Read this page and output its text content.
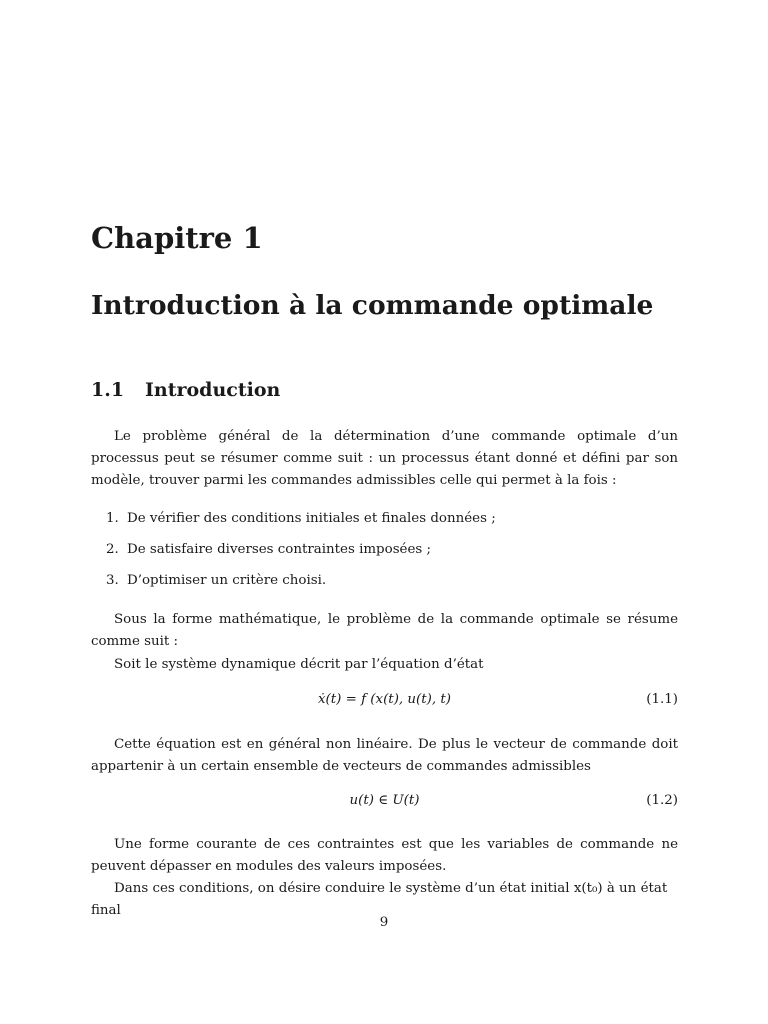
Chapitre 1
Introduction à la commande optimale
1.1 Introduction

Le problème général de la détermination d’une commande optimale d’un processus peut se résumer comme suit : un processus étant donné et défini par son modèle, trouver parmi les commandes admissibles celle qui permet à la fois :

1. De vérifier des conditions initiales et finales données ;
2. De satisfaire diverses contraintes imposées ;
3. D’optimiser un critère choisi.

Sous la forme mathématique, le problème de la commande optimale se résume comme suit :

Soit le système dynamique décrit par l’équation d’état

ẋ(t) = f (x(t), u(t), t)	(1.1)

Cette équation est en général non linéaire. De plus le vecteur de commande doit appartenir à un certain ensemble de vecteurs de commandes admissibles

u(t) ∈ U(t)	(1.2)

Une forme courante de ces contraintes est que les variables de commande ne peuvent dépasser en modules des valeurs imposées.

Dans ces conditions, on désire conduire le système d’un état initial x(t₀) à un état final

9
